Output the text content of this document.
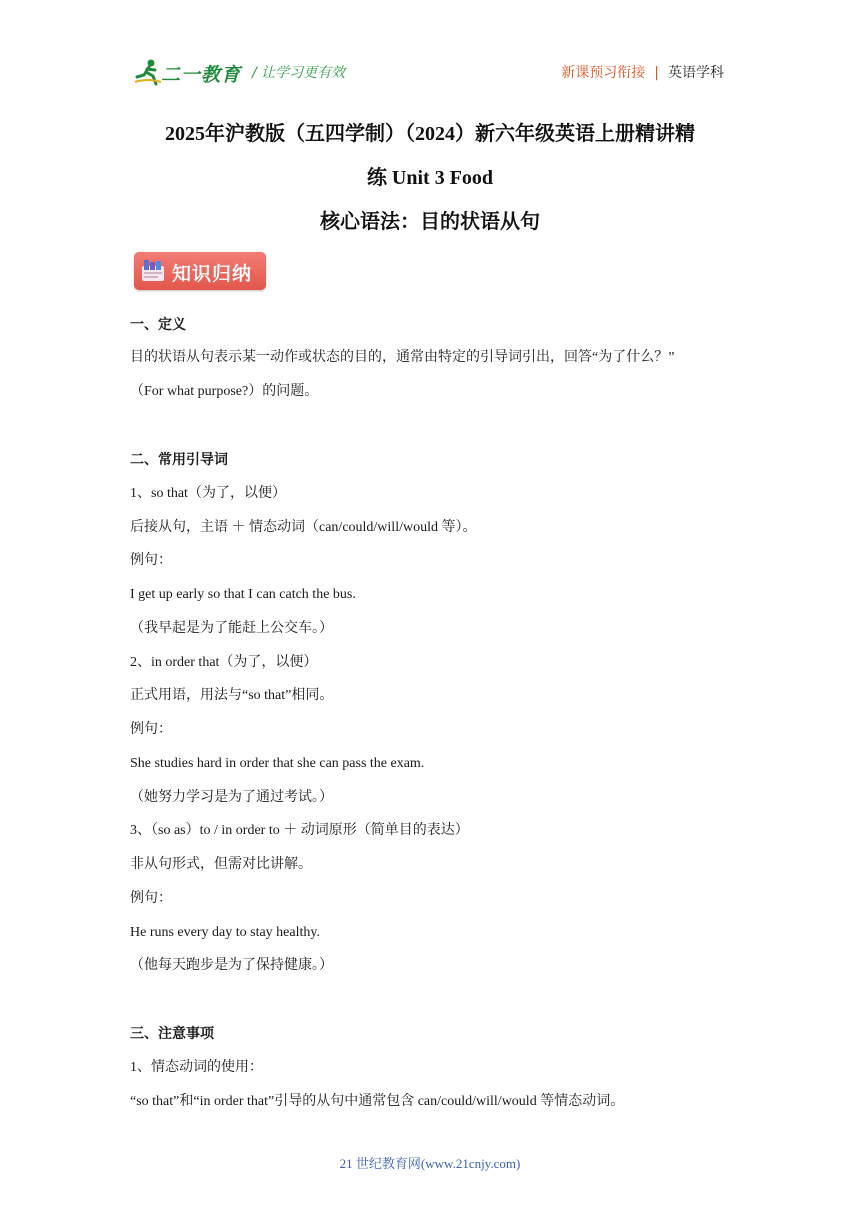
二一教育 / 让学习更有效	新课预习衔接 | 英语学科
2025年沪教版（五四学制）（2024）新六年级英语上册精讲精
练 Unit 3 Food
核心语法：目的状语从句
知识归纳
一、定义
目的状语从句表示某一动作或状态的目的，通常由特定的引导词引出，回答“为了什么？”
（For what purpose?）的问题。
二、常用引导词
1、so that（为了，以便）
后接从句，主语 ＋ 情态动词（can/could/will/would 等）。
例句：
I get up early so that I can catch the bus.
（我早起是为了能赶上公交车。）
2、in order that（为了，以便）
正式用语，用法与“so that”相同。
例句：
She studies hard in order that she can pass the exam.
（她努力学习是为了通过考试。）
3、（so as）to / in order to ＋ 动词原形（简单目的表达）
非从句形式，但需对比讲解。
例句：
He runs every day to stay healthy.
（他每天跑步是为了保持健康。）
三、注意事项
1、情态动词的使用：
“so that”和“in order that”引导的从句中通常包含 can/could/will/would 等情态动词。
21 世纪教育网(www.21cnjy.com)
